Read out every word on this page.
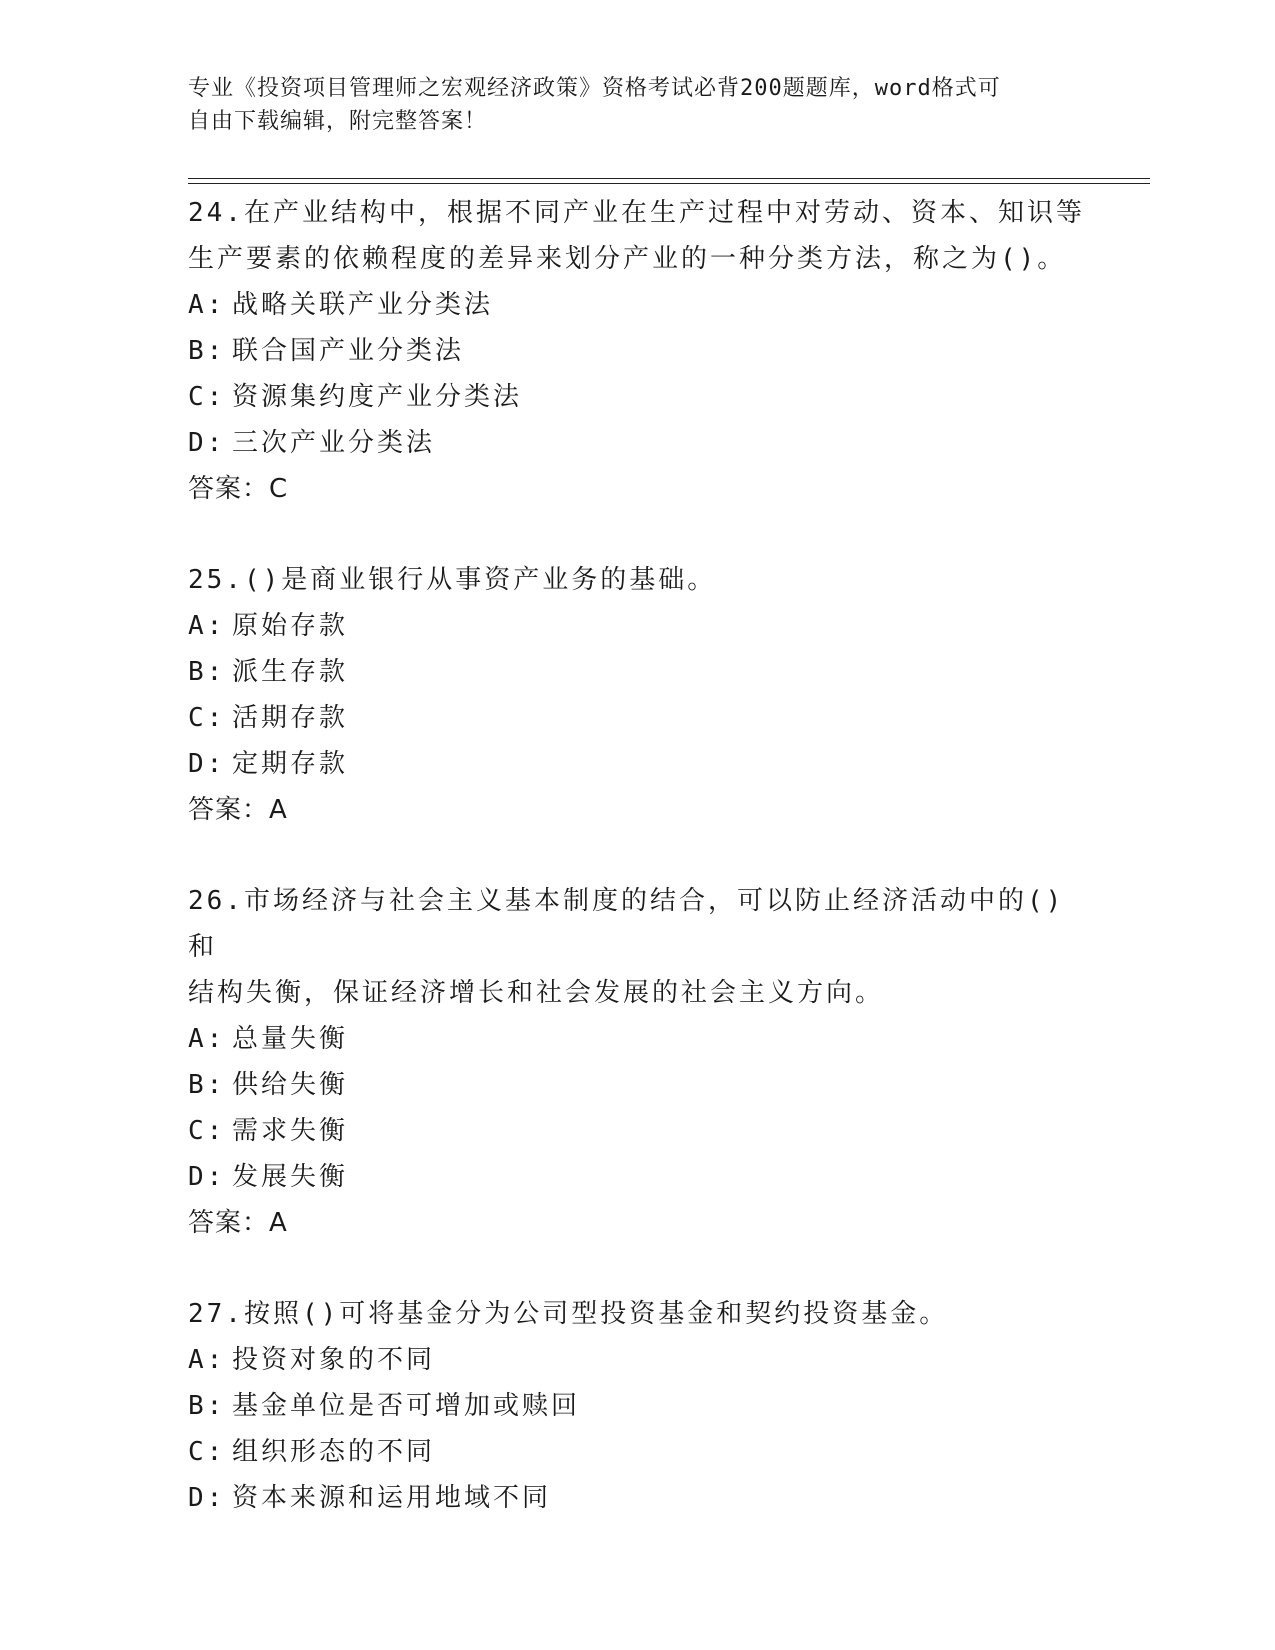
专业《投资项目管理师之宏观经济政策》资格考试必背200题题库，word格式可
自由下载编辑，附完整答案！

24.在产业结构中，根据不同产业在生产过程中对劳动、资本、知识等

生产要素的依赖程度的差异来划分产业的一种分类方法，称之为()。

A: 战略关联产业分类法

B: 联合国产业分类法

C: 资源集约度产业分类法

D: 三次产业分类法

答案：C

25.()是商业银行从事资产业务的基础。

A: 原始存款

B: 派生存款

C: 活期存款

D: 定期存款

答案：A

26.市场经济与社会主义基本制度的结合，可以防止经济活动中的()和

结构失衡，保证经济增长和社会发展的社会主义方向。

A: 总量失衡

B: 供给失衡

C: 需求失衡

D: 发展失衡

答案：A

27.按照()可将基金分为公司型投资基金和契约投资基金。

A: 投资对象的不同

B: 基金单位是否可增加或赎回

C: 组织形态的不同

D: 资本来源和运用地域不同
